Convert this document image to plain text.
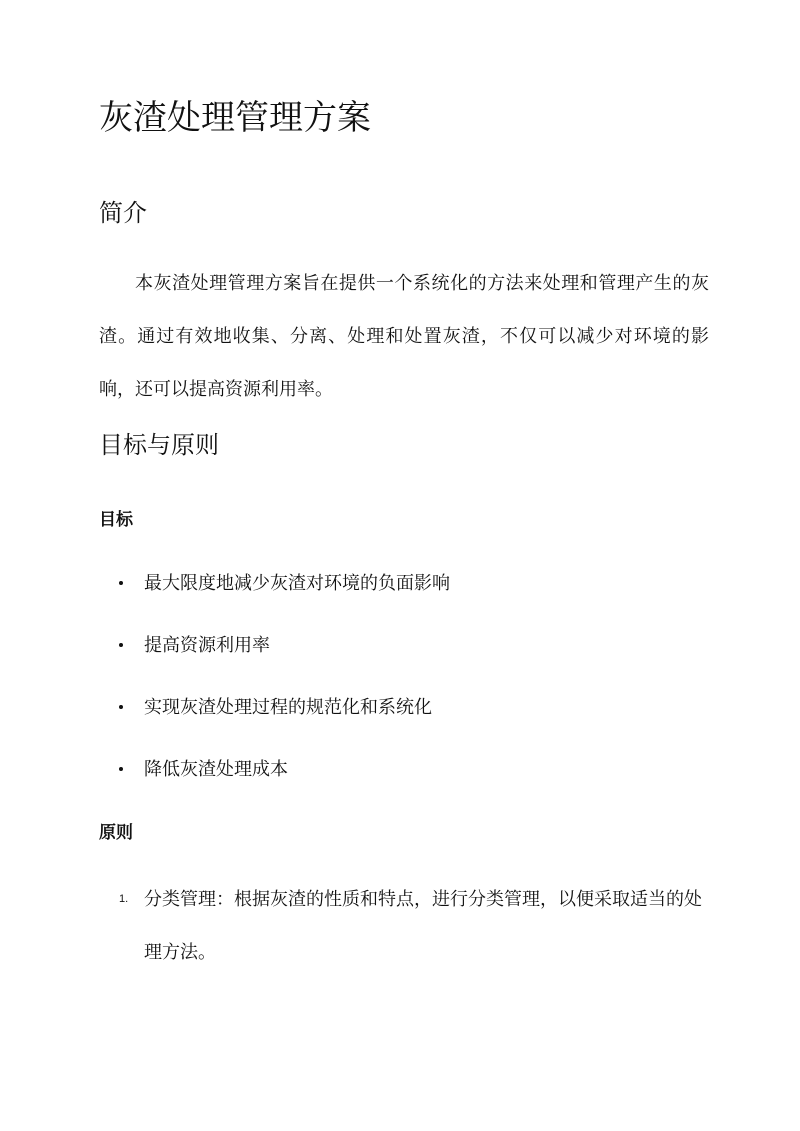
灰渣处理管理方案
简介

本灰渣处理管理方案旨在提供一个系统化的方法来处理和管理产生的灰渣。通过有效地收集、分离、处理和处置灰渣，不仅可以减少对环境的影响，还可以提高资源利用率。

目标与原则
目标
最大限度地减少灰渣对环境的负面影响
提高资源利用率
实现灰渣处理过程的规范化和系统化
降低灰渣处理成本
原则
1. 分类管理：根据灰渣的性质和特点，进行分类管理，以便采取适当的处理方法。
